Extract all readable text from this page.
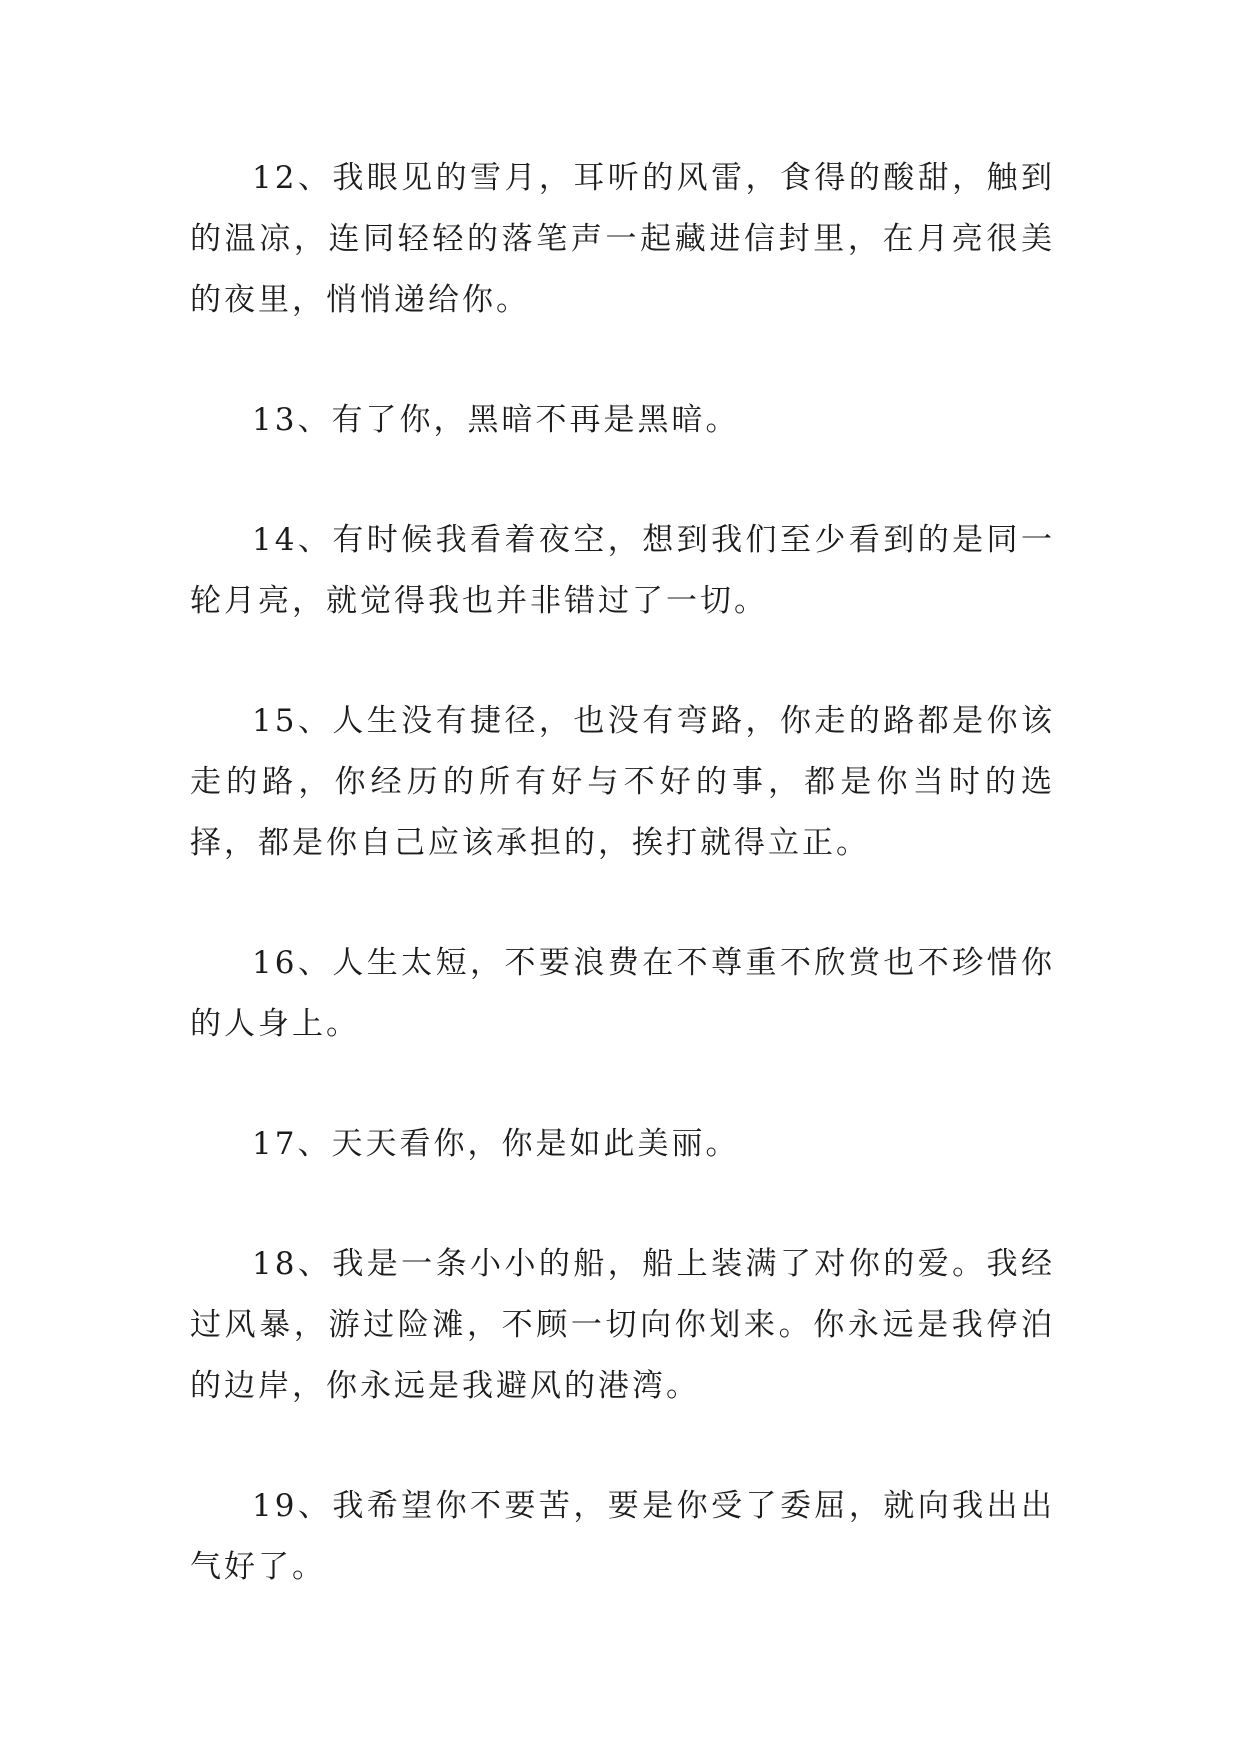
12、我眼见的雪月，耳听的风雷，食得的酸甜，触到的温凉，连同轻轻的落笔声一起藏进信封里，在月亮很美的夜里，悄悄递给你。

13、有了你，黑暗不再是黑暗。

14、有时候我看着夜空，想到我们至少看到的是同一轮月亮，就觉得我也并非错过了一切。

15、人生没有捷径，也没有弯路，你走的路都是你该走的路，你经历的所有好与不好的事，都是你当时的选择，都是你自己应该承担的，挨打就得立正。

16、人生太短，不要浪费在不尊重不欣赏也不珍惜你的人身上。

17、天天看你，你是如此美丽。

18、我是一条小小的船，船上装满了对你的爱。我经过风暴，游过险滩，不顾一切向你划来。你永远是我停泊的边岸，你永远是我避风的港湾。

19、我希望你不要苦，要是你受了委屈，就向我出出气好了。
